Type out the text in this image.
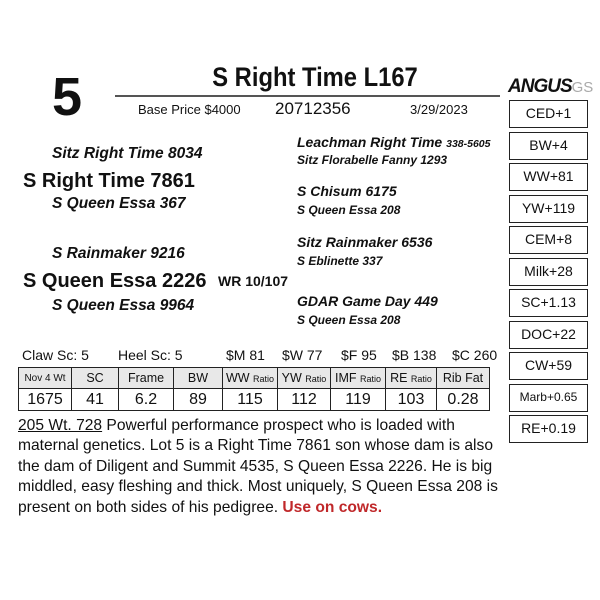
5	S Right Time L167
Base Price $4000 20712356	3/29/2023
ANGUSGS
Sitz Right Time 8034
S Right Time 7861
S Queen Essa 367
S Rainmaker 9216
S Queen Essa 2226 WR 10/107
S Queen Essa 9964
Leachman Right Time 338-5605
Sitz Florabelle Fanny 1293
S Chisum 6175
S Queen Essa 208
Sitz Rainmaker 6536
S Eblinette 337
GDAR Game Day 449
S Queen Essa 208
CED+1
BW+4
WW+81
YW+119
CEM+8
Milk+28
SC+1.13
DOC+22
CW+59
Marb+0.65
RE+0.19
Claw Sc: 5 Heel Sc: 5	$M 81 $W 77 $F 95 $B 138 $C 260
Nov 4 Wt	SC	Frame	BW	WW Ratio	YW Ratio	IMF Ratio	RE Ratio	Rib Fat
1675	41	6.2	89	115	112	119	103	0.28
205 Wt. 728 Powerful performance prospect who is loaded with maternal genetics. Lot 5 is a Right Time 7861 son whose dam is also the dam of Diligent and Summit 4535, S Queen Essa 2226. He is big middled, easy fleshing and thick. Most uniquely, S Queen Essa 208 is present on both sides of his pedigree. Use on cows.
